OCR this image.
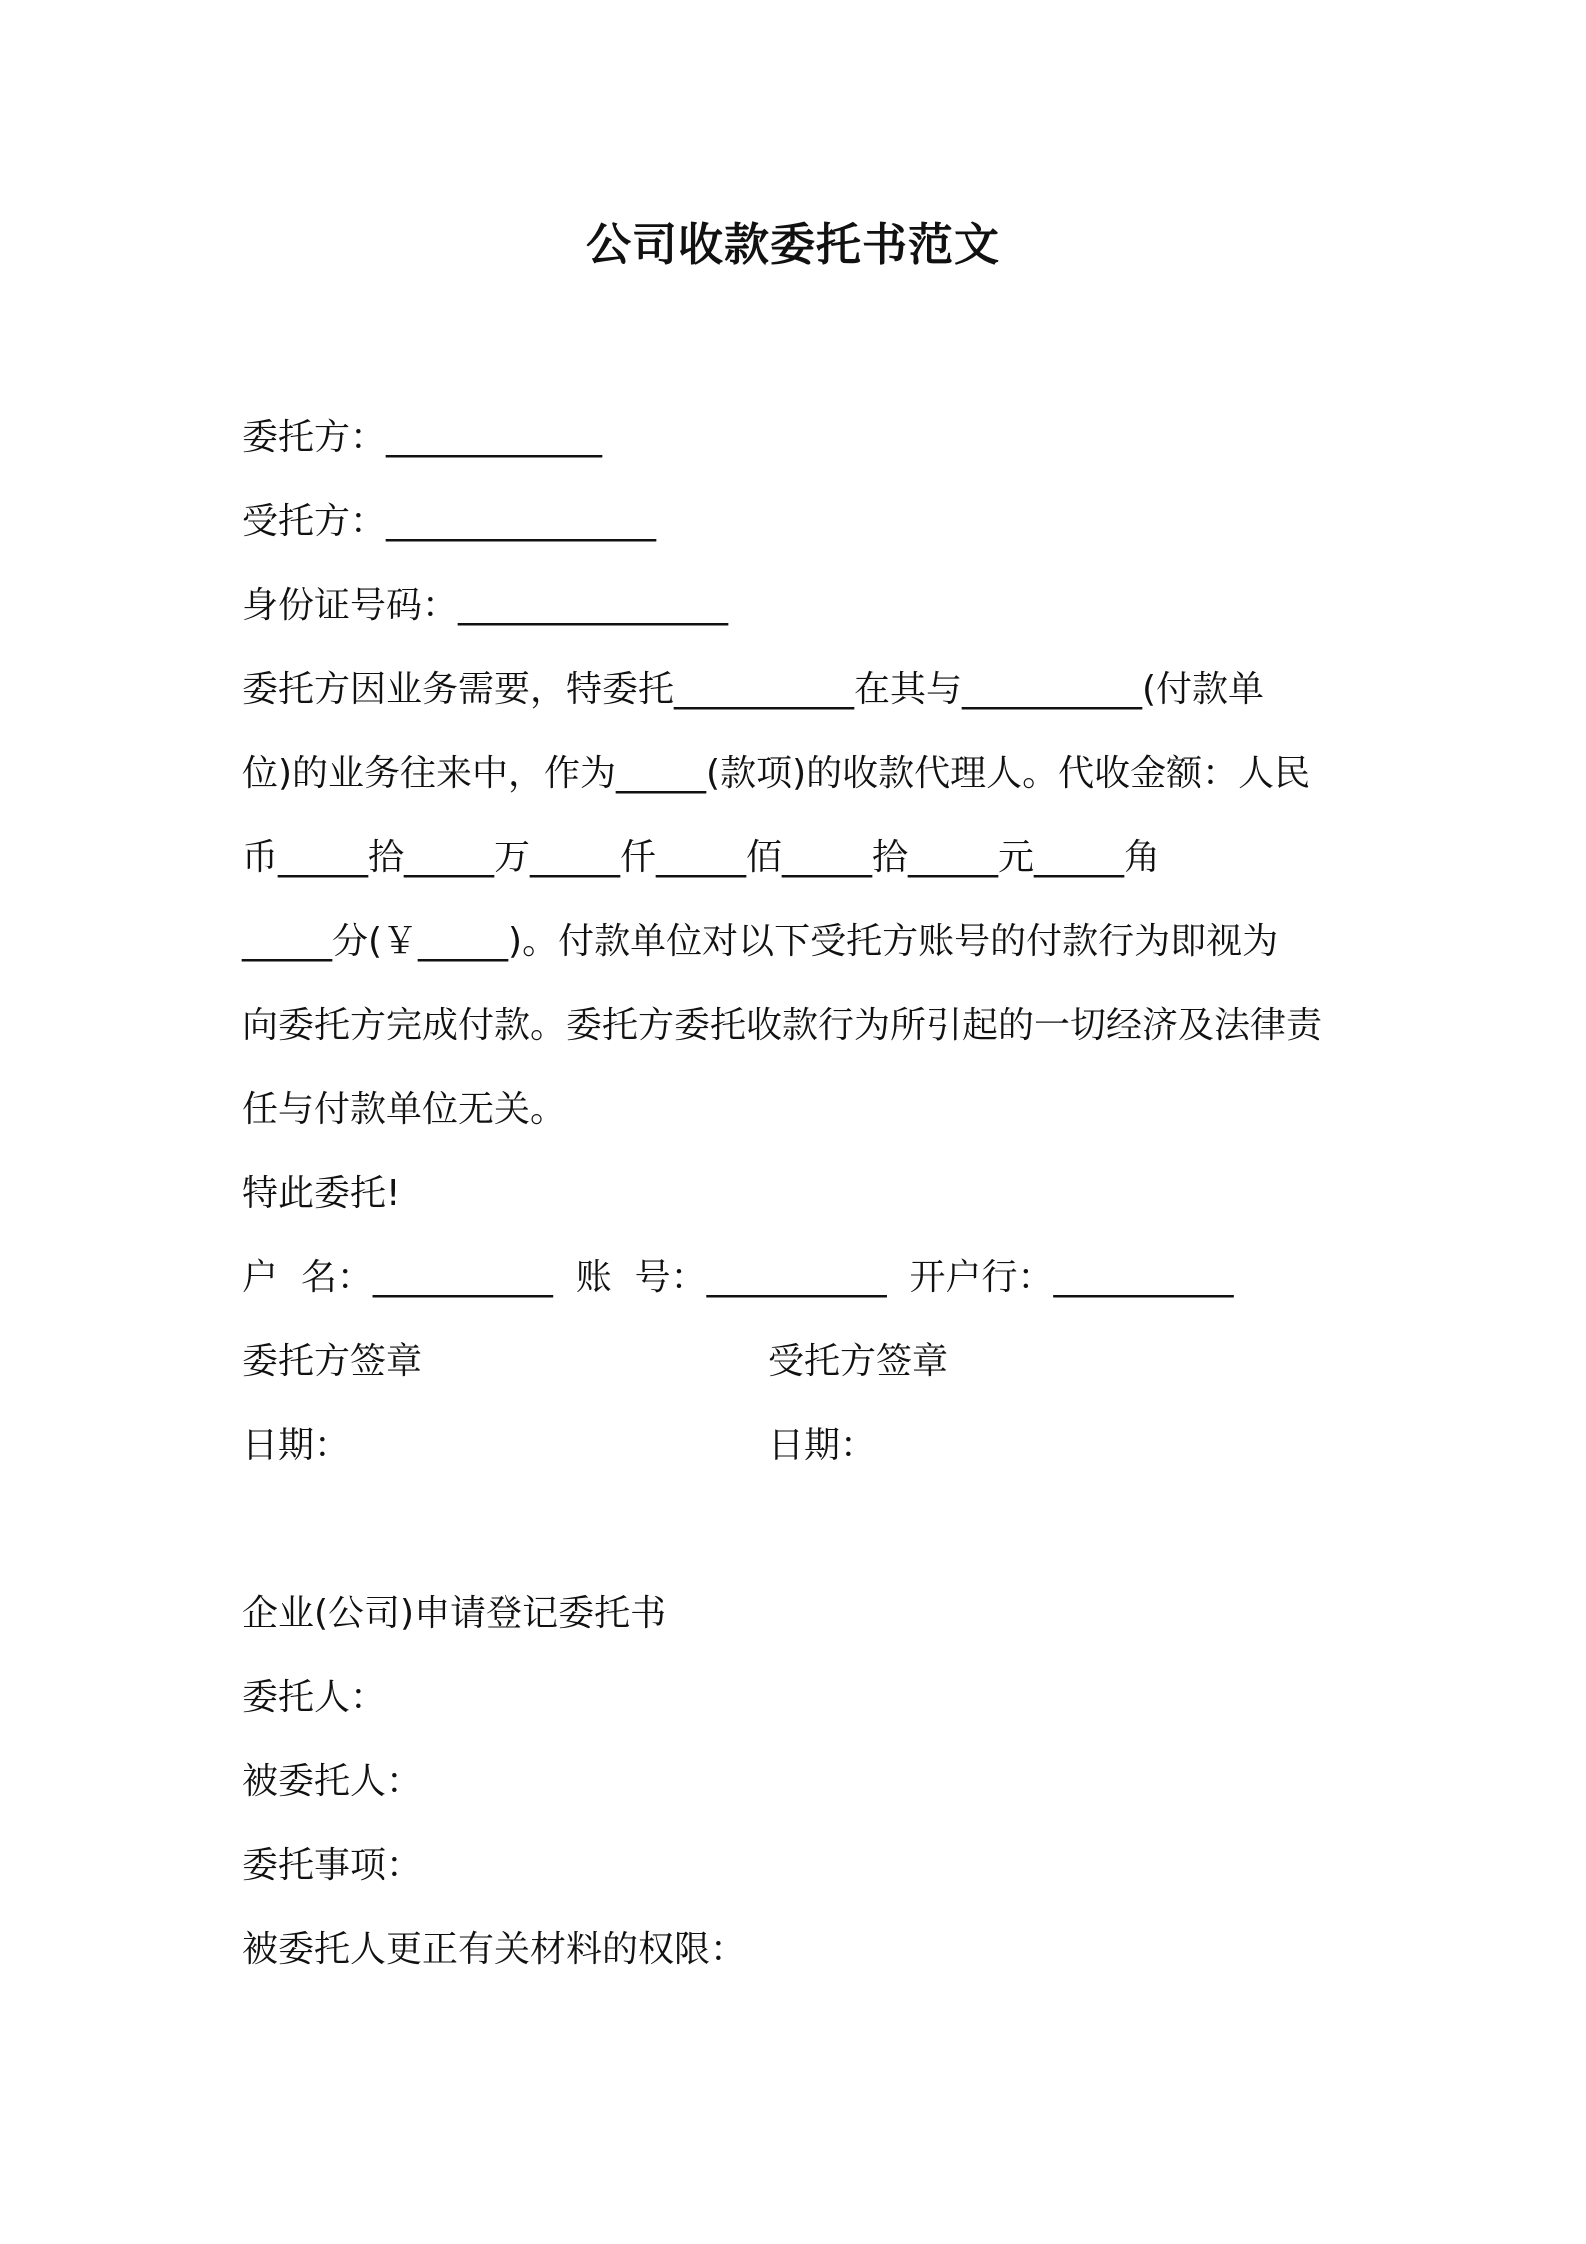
公司收款委托书范文
委托方：____________
受托方：_______________
身份证号码：_______________
委托方因业务需要，特委托__________在其与__________(付款单
位)的业务往来中，作为_____(款项)的收款代理人。代收金额：人民
币_____拾_____万_____仟_____佰_____拾_____元_____角
_____分(￥_____)。付款单位对以下受托方账号的付款行为即视为
向委托方完成付款。委托方委托收款行为所引起的一切经济及法律责
任与付款单位无关。
特此委托!
户  名：__________  账  号：__________  开户行：__________
委托方签章	受托方签章
日期：	日期：
企业(公司)申请登记委托书
委托人：
被委托人：
委托事项：
被委托人更正有关材料的权限：
